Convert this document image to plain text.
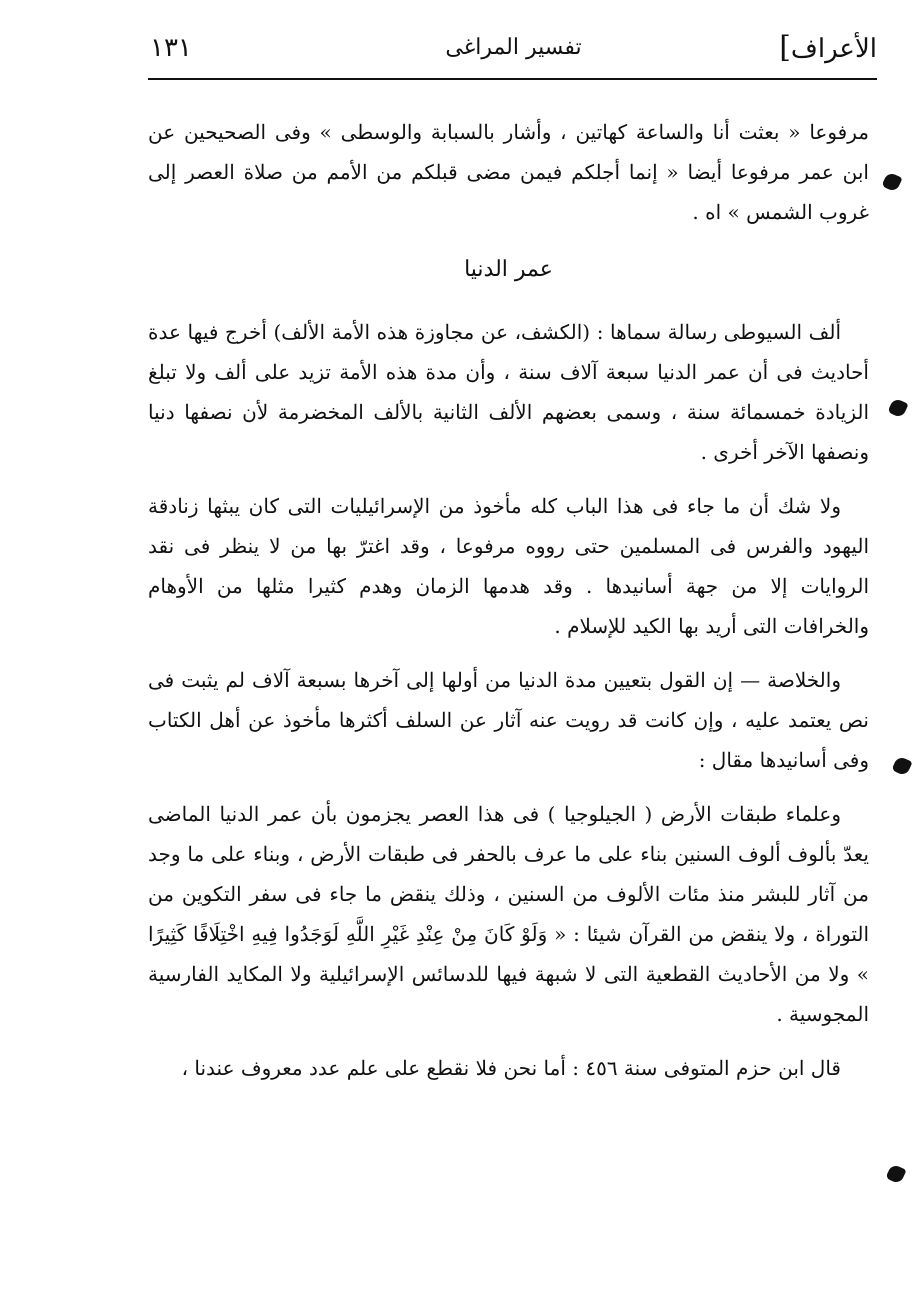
الأعراف]
تفسير المراغى
١٣١

مرفوعا « بعثت أنا والساعة كهاتين ، وأشار بالسبابة والوسطى » وفى الصحيحين عن ابن عمر مرفوعا أيضا « إنما أجلكم فيمن مضى قبلكم من الأمم من صلاة العصر إلى غروب الشمس » اه .

عمر الدنيا

ألف السيوطى رسالة سماها : (الكشف، عن مجاوزة هذه الأمة الألف) أخرج فيها عدة أحاديث فى أن عمر الدنيا سبعة آلاف سنة ، وأن مدة هذه الأمة تزيد على ألف ولا تبلغ الزيادة خمسمائة سنة ، وسمى بعضهم الألف الثانية بالألف المخضرمة لأن نصفها دنيا ونصفها الآخر أخرى .

ولا شك أن ما جاء فى هذا الباب كله مأخوذ من الإسرائيليات التى كان يبثها زنادقة اليهود والفرس فى المسلمين حتى رووه مرفوعا ، وقد اغترّ بها من لا ينظر فى نقد الروايات إلا من جهة أسانيدها . وقد هدمها الزمان وهدم كثيرا مثلها من الأوهام والخرافات التى أريد بها الكيد للإسلام .

والخلاصة — إن القول بتعيين مدة الدنيا من أولها إلى آخرها بسبعة آلاف لم يثبت فى نص يعتمد عليه ، وإن كانت قد رويت عنه آثار عن السلف أكثرها مأخوذ عن أهل الكتاب وفى أسانيدها مقال :

وعلماء طبقات الأرض ( الجيلوجيا ) فى هذا العصر يجزمون بأن عمر الدنيا الماضى يعدّ بألوف ألوف السنين بناء على ما عرف بالحفر فى طبقات الأرض ، وبناء على ما وجد من آثار للبشر منذ مئات الألوف من السنين ، وذلك ينقض ما جاء فى سفر التكوين من التوراة ، ولا ينقض من القرآن شيئا : « وَلَوْ كَانَ مِنْ عِنْدِ غَيْرِ اللَّهِ لَوَجَدُوا فِيهِ اخْتِلَافًا كَثِيرًا » ولا من الأحاديث القطعية التى لا شبهة فيها للدسائس الإسرائيلية ولا المكايد الفارسية المجوسية .

قال ابن حزم المتوفى سنة ٤٥٦ : أما نحن فلا نقطع على علم عدد معروف عندنا ،
